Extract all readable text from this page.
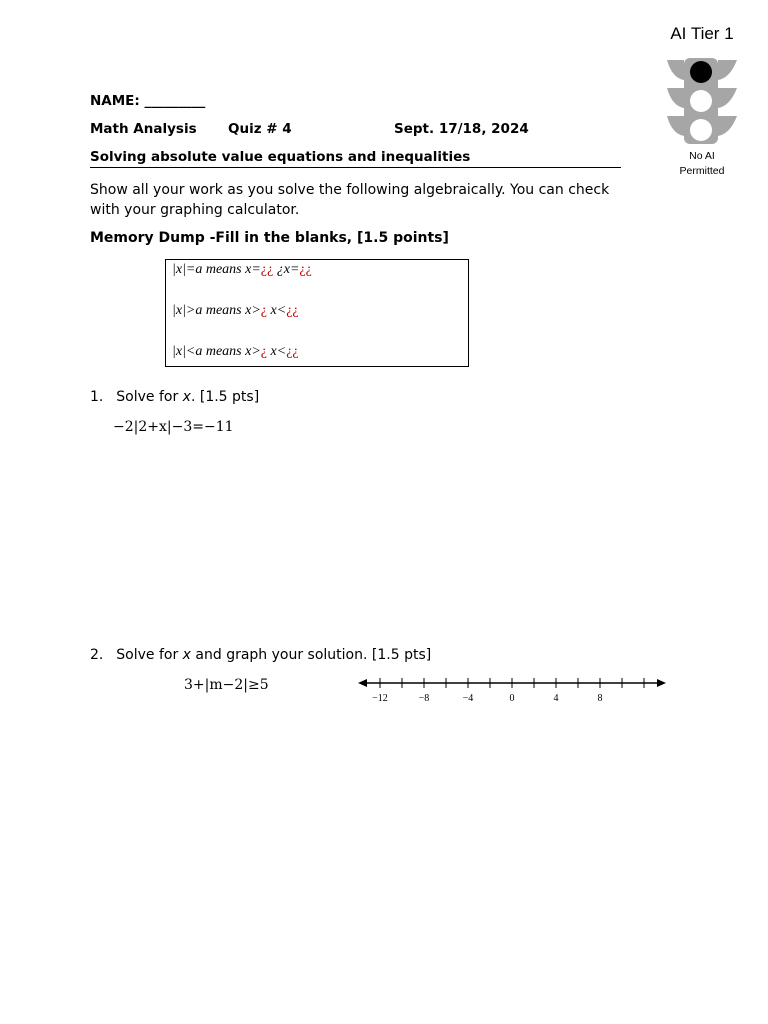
NAME: _________
Math Analysis Quiz # 4	Sept. 17/18, 2024
Solving absolute value equations and inequalities
AI Tier 1
No AI
Permitted
Show all your work as you solve the following algebraically. You can check with your graphing calculator.
Memory Dump -Fill in the blanks, [1.5 points]
|x|=a means x=¿¿ ¿x=¿¿
|x|>a means x>¿ x<¿¿
|x|<a means x>¿ x<¿¿
1. Solve for x. [1.5 pts]
−2|2+x|−3=−11
2. Solve for x and graph your solution. [1.5 pts]
3+|m−2|≥5
−12	−8	−4	0	4	8
